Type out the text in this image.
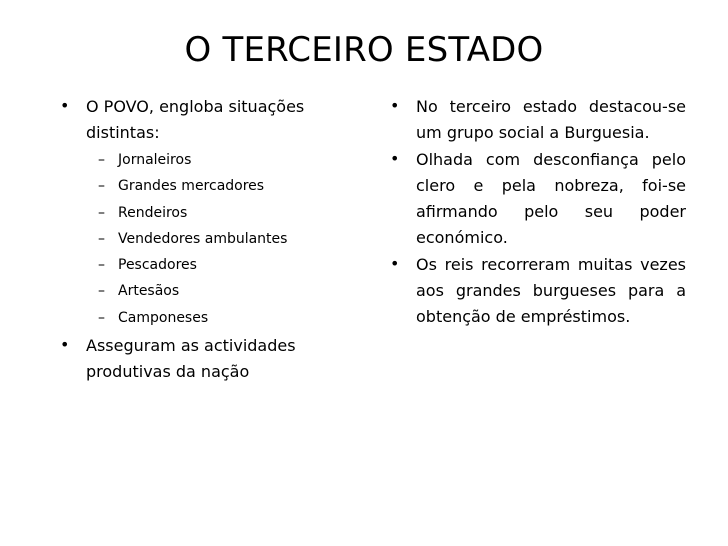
O TERCEIRO ESTADO
• O POVO, engloba situações distintas:
– Jornaleiros
– Grandes mercadores
– Rendeiros
– Vendedores ambulantes
– Pescadores
– Artesãos
– Camponeses
• Asseguram as actividades produtivas da nação
• No terceiro estado destacou-se um grupo social a Burguesia.
• Olhada com desconfiança pelo clero e pela nobreza, foi-se afirmando pelo seu poder económico.
• Os reis recorreram muitas vezes aos grandes burgueses para a obtenção de empréstimos.
